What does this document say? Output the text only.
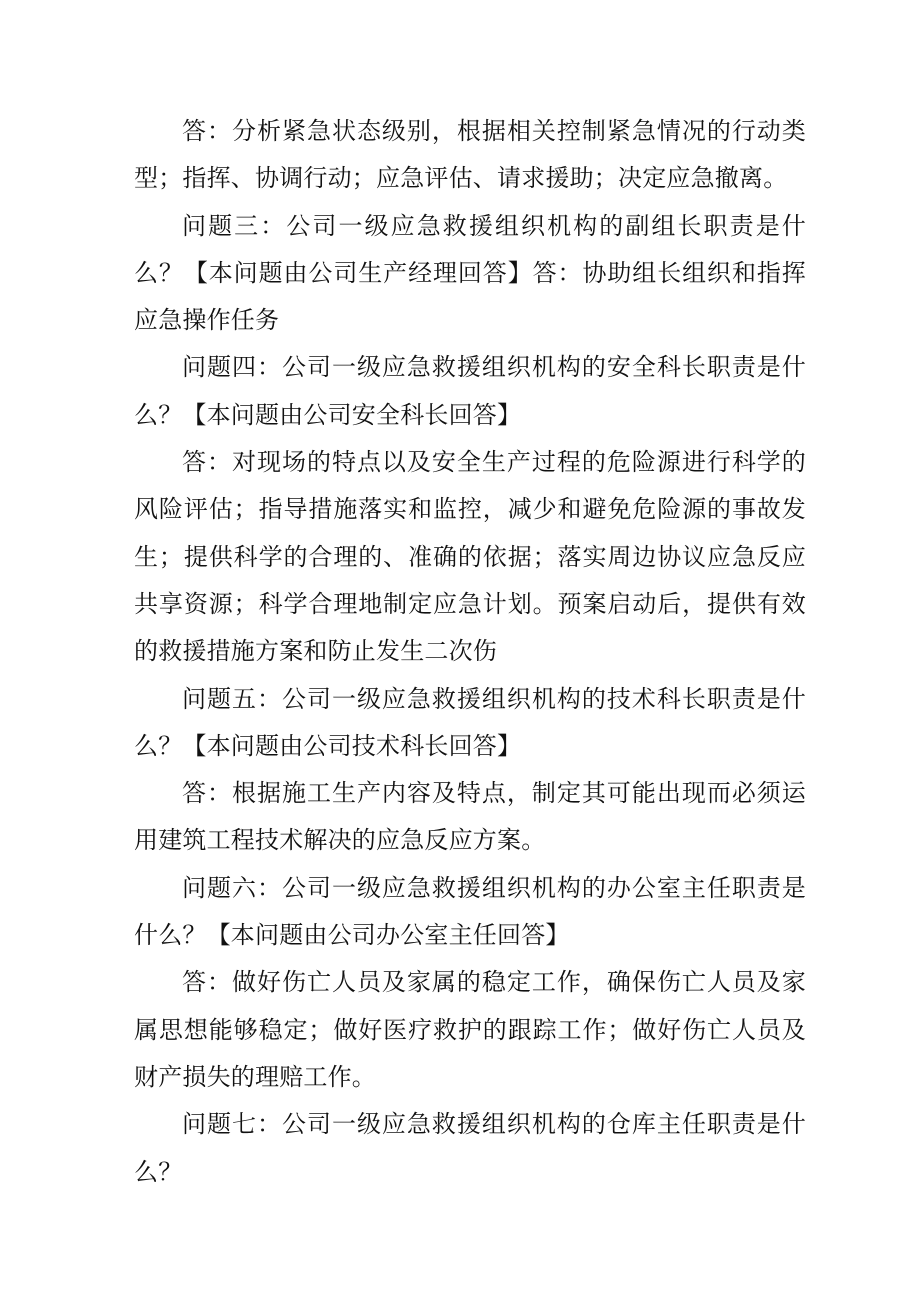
答：分析紧急状态级别，根据相关控制紧急情况的行动类型；指挥、协调行动；应急评估、请求援助；决定应急撤离。

问题三：公司一级应急救援组织机构的副组长职责是什么？【本问题由公司生产经理回答】答：协助组长组织和指挥应急操作任务

问题四：公司一级应急救援组织机构的安全科长职责是什么？【本问题由公司安全科长回答】

答：对现场的特点以及安全生产过程的危险源进行科学的风险评估；指导措施落实和监控，减少和避免危险源的事故发生；提供科学的合理的、准确的依据；落实周边协议应急反应共享资源；科学合理地制定应急计划。预案启动后，提供有效的救援措施方案和防止发生二次伤

问题五：公司一级应急救援组织机构的技术科长职责是什么？【本问题由公司技术科长回答】

答：根据施工生产内容及特点，制定其可能出现而必须运用建筑工程技术解决的应急反应方案。

问题六：公司一级应急救援组织机构的办公室主任职责是什么？【本问题由公司办公室主任回答】

答：做好伤亡人员及家属的稳定工作，确保伤亡人员及家属思想能够稳定；做好医疗救护的跟踪工作；做好伤亡人员及财产损失的理赔工作。

问题七：公司一级应急救援组织机构的仓库主任职责是什么？
